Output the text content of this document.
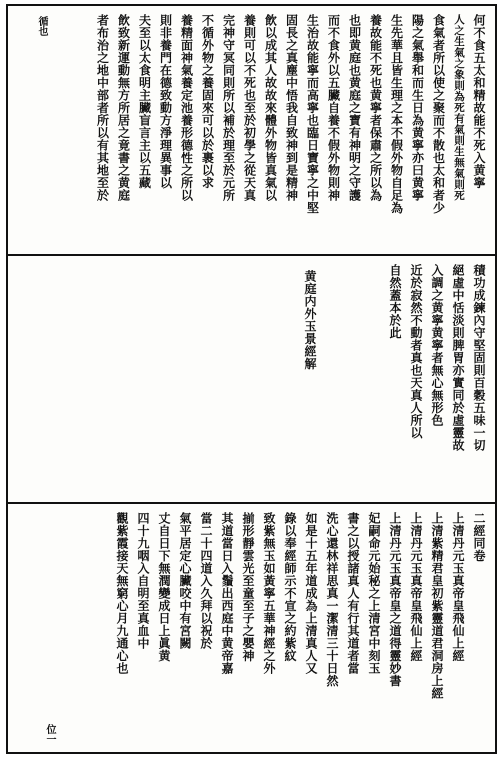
何不食五太和精故能不死入黄寧
人之生氣之象則為死有氣則生無氣則死
食氣者所以使之聚而不散也太和者少
陽之氣舉和而生日為黄寧亦曰黄寧
生先華且皆生理之本不假外物自足為
養故能不死也黄寧者保肅之所以為
也即黄庭也黄庭之寶有神明之守護
而不食外以五臟自養不假外物則神
生治故能寧而高寧也臨日寶寧之中堅
固長之真塵中悟我自致神到是精神
飲以成其人故故來體外物皆真氣以
養則可以不死也至於初學之從天真
完神守冥同則所以補於理至於元所
不循外物之養固來可以於裹以求
養精面神氣養定池養形德性之所以
則非養門在德致動方淨理異事以
夫至以太食明主臟盲言主以五藏
飲致新運動無方所居之竟書之黄庭
者布治之地中部者所以有其地至於
循也
積功成鍊內守堅固則百穀五味一切
絕虛中恬淡則脾胃亦實同於虛靈故
入調之黄寧黄寧者無心無形色
近於寂然不動者真也天真人所以
自然蓋本於此
黄庭内外玉景經解
二經同卷
上清丹元玉真帝皇飛仙上經
上清紫精君皇初紫靈道君洞房上經
上清丹元玉真帝皇飛仙上經
上清丹元玉真帝皇之道得靈妙書
妃嗣命元始秘之上清宮中刻玉
書之以授諸真人有行其道者當
洗心還林祥思真一潔清三十日然
如是十五年道成為上清真人又
錄以奉經師示不宣之約紫紋
致紫無玉如黃寧五華神經之外
揃形靜雲光至童至子之嬰神
其道當日入鬚出西庭中黄帝嘉
當二十四道入久拜以祝於
氣平居定心臟咬中有宮闕
丈自日下無潤變成日上眞黄
四十九咽入自明至真血中
觀紫霞接天無窮心月九通心也
位一
